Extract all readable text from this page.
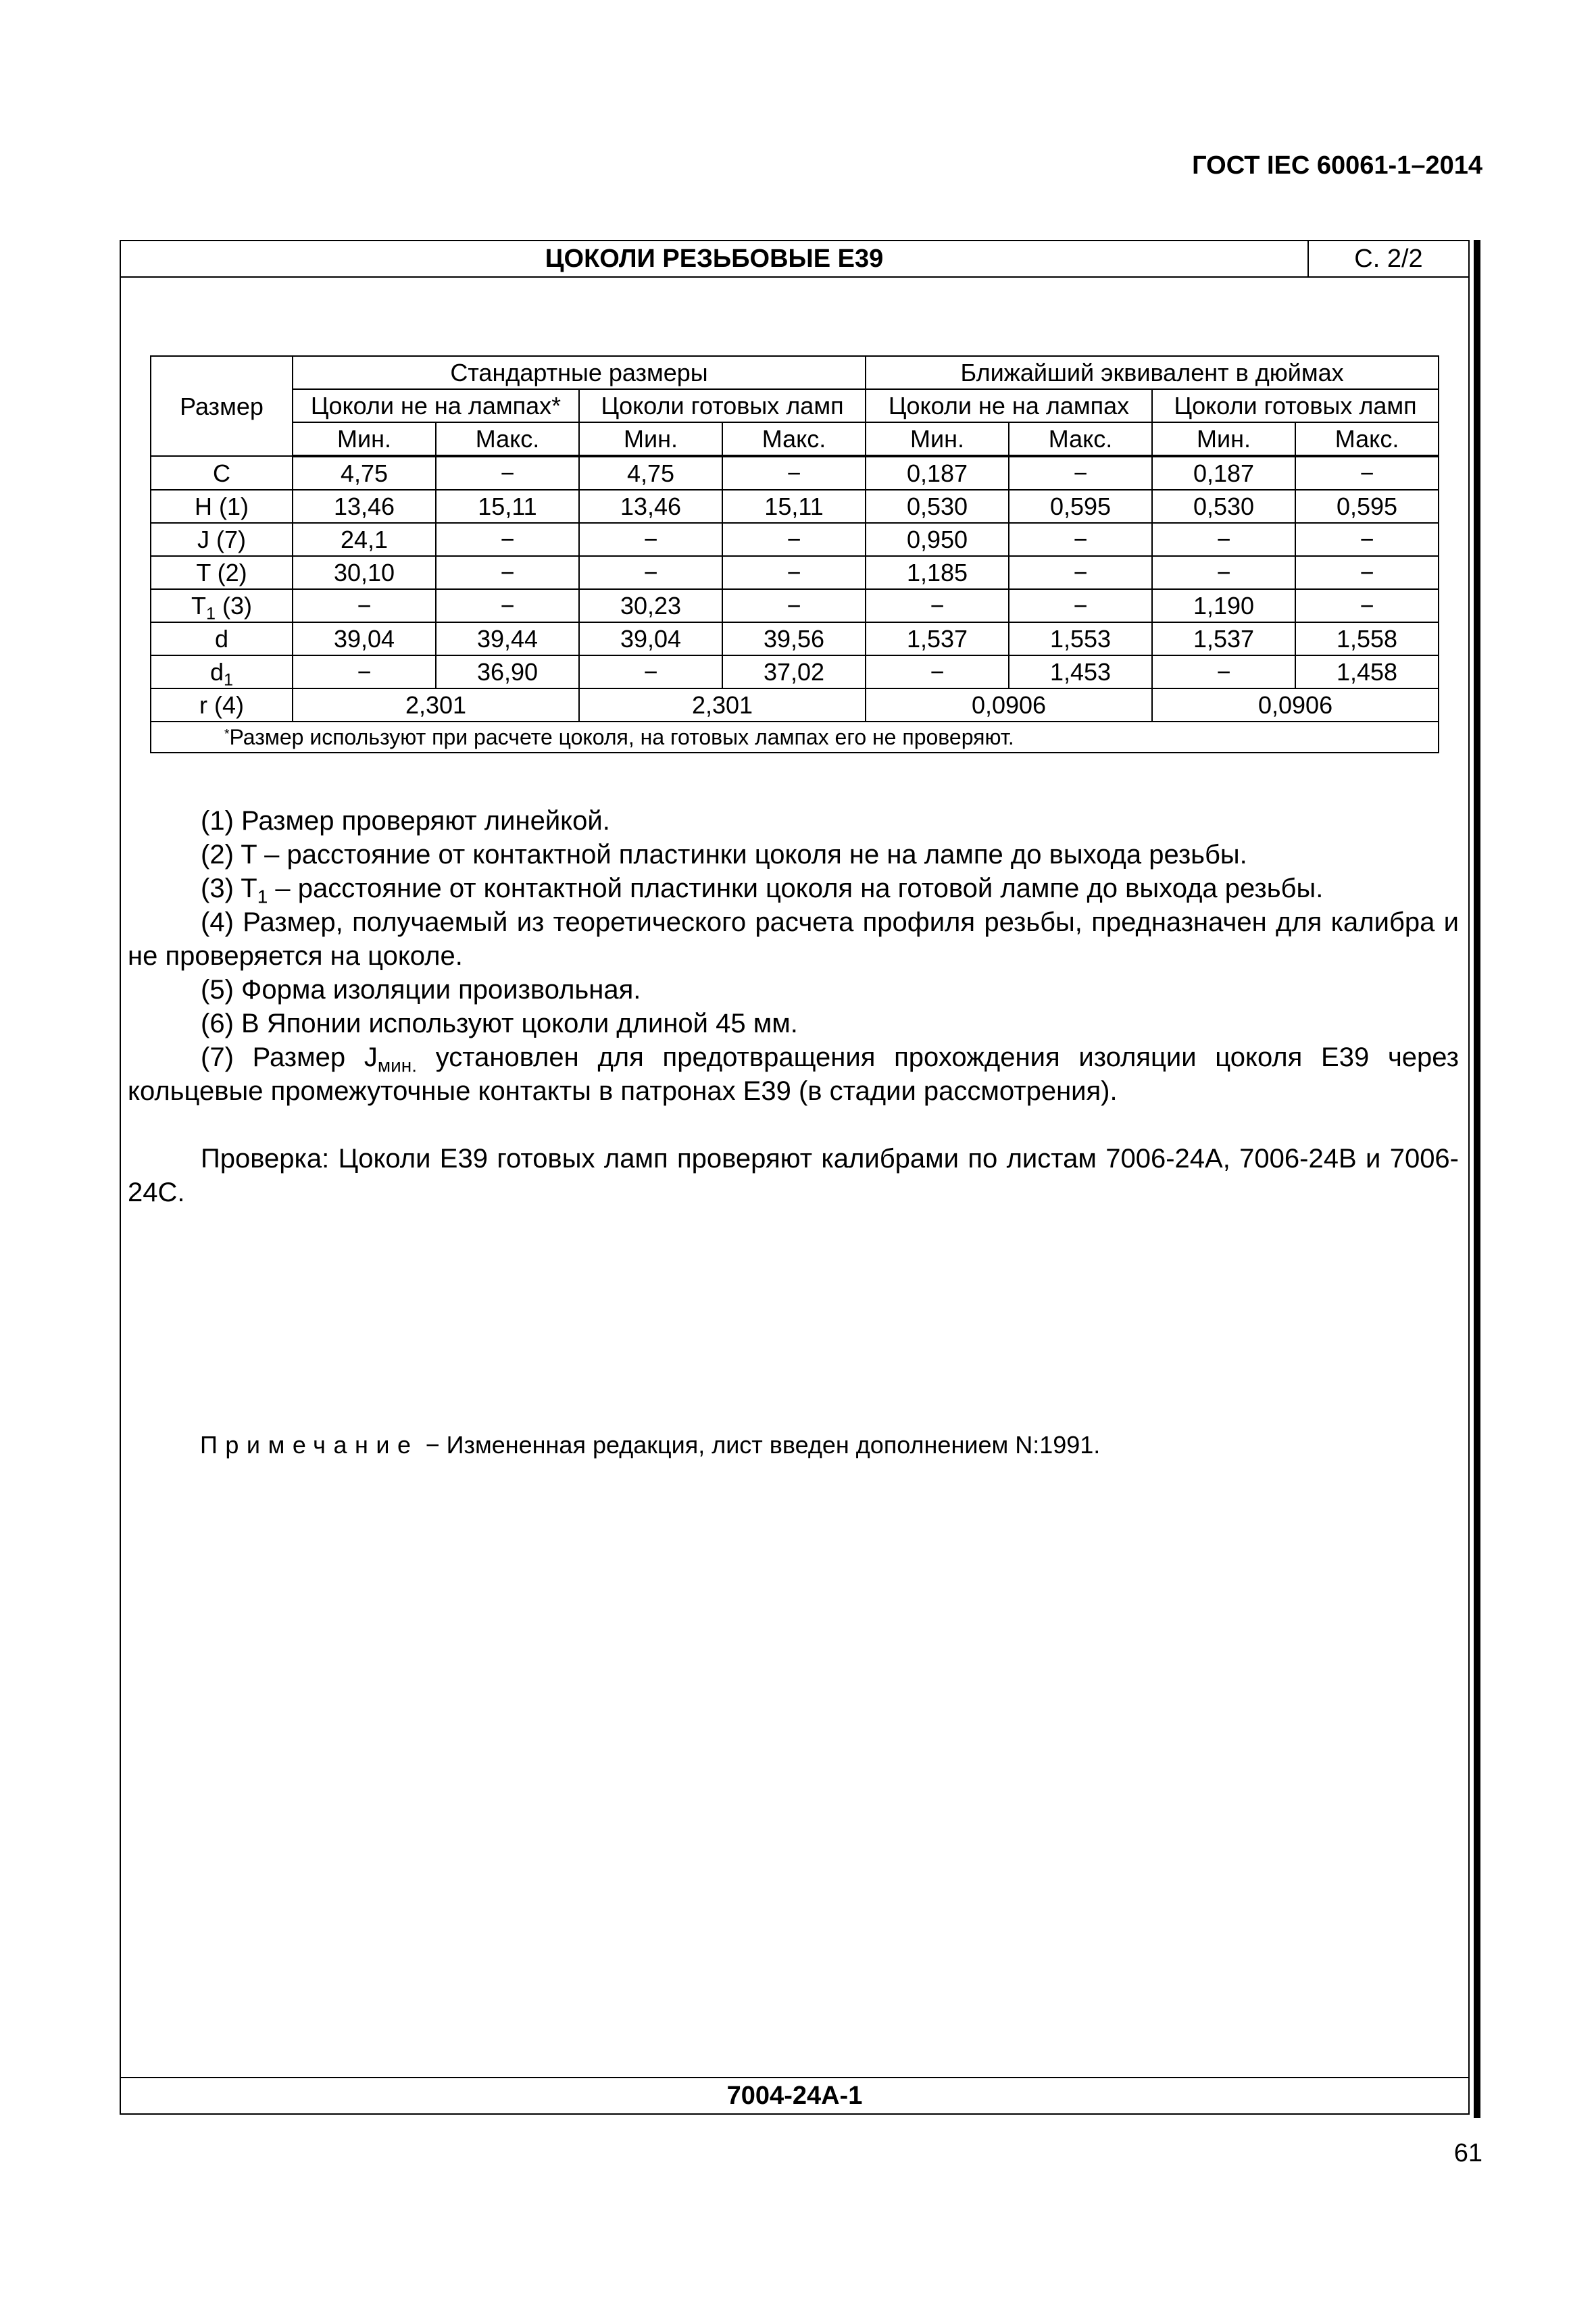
ГОСТ IEC 60061-1–2014
ЦОКОЛИ РЕЗЬБОВЫЕ E39	С. 2/2
7004-24A-1
Размер	Стандартные размеры				Ближайший эквивалент в дюймах			
	Цоколи не на лампах*		Цоколи готовых ламп		Цоколи не на лампах		Цоколи готовых ламп	
	Мин.	Макс.	Мин.	Макс.	Мин.	Макс.	Мин.	Макс.
C	4,75	−	4,75	−	0,187	−	0,187	−
H (1)	13,46	15,11	13,46	15,11	0,530	0,595	0,530	0,595
J (7)	24,1	−	−	−	0,950	−	−	−
T (2)	30,10	−	−	−	1,185	−	−	−
$T_1$ (3)	−	−	30,23	−	−	−	1,190	−
d	39,04	39,44	39,04	39,56	1,537	1,553	1,537	1,558
$d_1$	−	36,90	−	37,02	−	1,453	−	1,458
r (4)	2,301		2,301		0,0906		0,0906	
*Размер используют при расчете цоколя, на готовых лампах его не проверяют.								

(1) Размер проверяют линейкой.

(2) T – расстояние от контактной пластинки цоколя не на лампе до выхода резьбы.

(3) $T_1$ – расстояние от контактной пластинки цоколя на готовой лампе до выхода резьбы.

(4) Размер, получаемый из теоретического расчета профиля резьбы, предназначен для калибра и не проверяется на цоколе.

(5) Форма изоляции произвольная.

(6) В Японии используют цоколи длиной 45 мм.

(7) Размер $J_{мин.}$ установлен для предотвращения прохождения изоляции цоколя E39 через кольцевые промежуточные контакты в патронах E39 (в стадии рассмотрения).

Проверка: Цоколи E39 готовых ламп проверяют калибрами по листам 7006-24A, 7006-24B и 7006-24C.

Примечание − Измененная редакция, лист введен дополнением N:1991.
61
